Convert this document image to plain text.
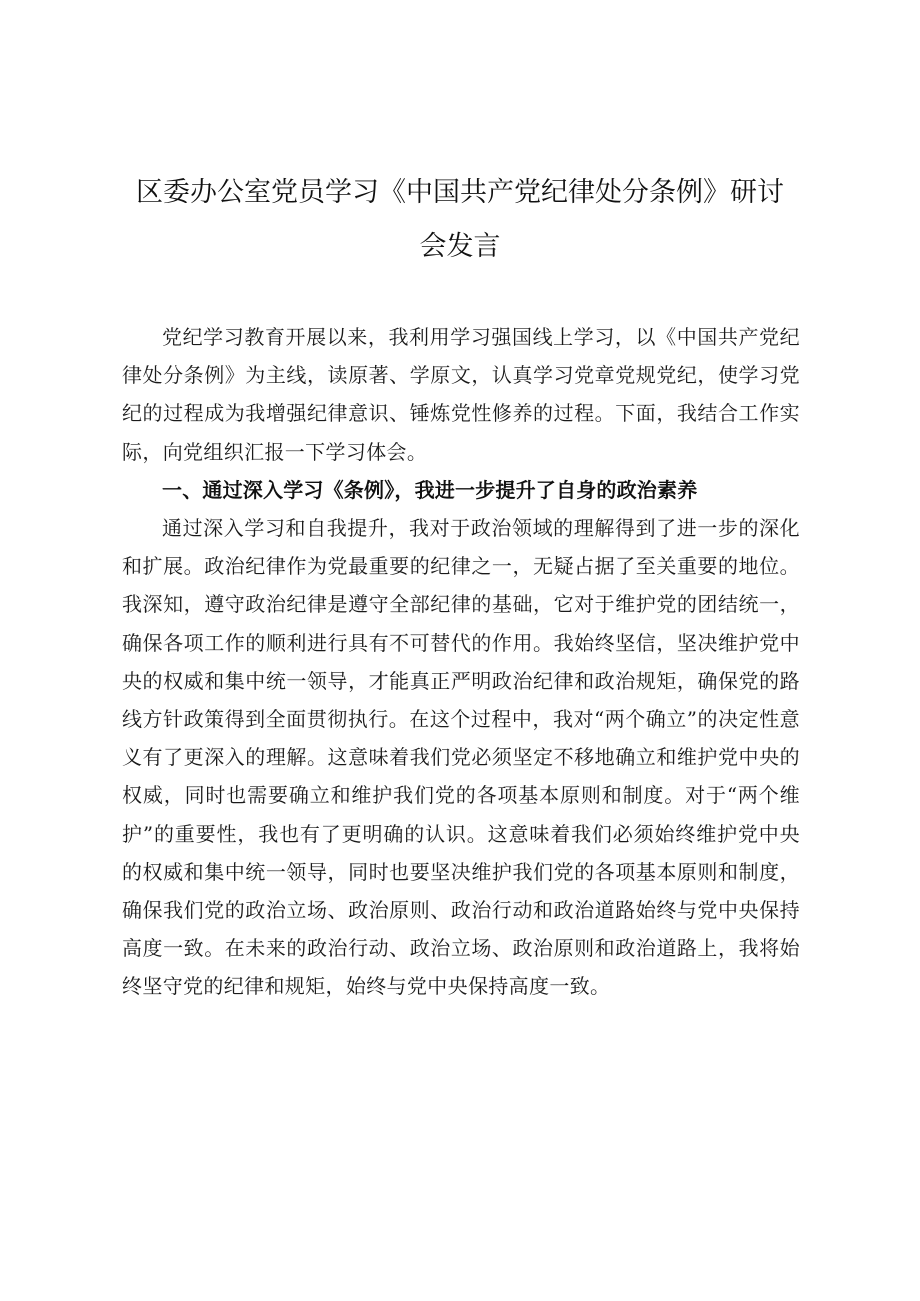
区委办公室党员学习《中国共产党纪律处分条例》研讨
会发言

党纪学习教育开展以来，我利用学习强国线上学习，以《中国共产党纪律处分条例》为主线，读原著、学原文，认真学习党章党规党纪，使学习党纪的过程成为我增强纪律意识、锤炼党性修养的过程。下面，我结合工作实际，向党组织汇报一下学习体会。

一、通过深入学习《条例》，我进一步提升了自身的政治素养

通过深入学习和自我提升，我对于政治领域的理解得到了进一步的深化和扩展。政治纪律作为党最重要的纪律之一，无疑占据了至关重要的地位。我深知，遵守政治纪律是遵守全部纪律的基础，它对于维护党的团结统一，确保各项工作的顺利进行具有不可替代的作用。我始终坚信，坚决维护党中央的权威和集中统一领导，才能真正严明政治纪律和政治规矩，确保党的路线方针政策得到全面贯彻执行。在这个过程中，我对“两个确立”的决定性意义有了更深入的理解。这意味着我们党必须坚定不移地确立和维护党中央的权威，同时也需要确立和维护我们党的各项基本原则和制度。对于“两个维护”的重要性，我也有了更明确的认识。这意味着我们必须始终维护党中央的权威和集中统一领导，同时也要坚决维护我们党的各项基本原则和制度，确保我们党的政治立场、政治原则、政治行动和政治道路始终与党中央保持高度一致。在未来的政治行动、政治立场、政治原则和政治道路上，我将始终坚守党的纪律和规矩，始终与党中央保持高度一致。
